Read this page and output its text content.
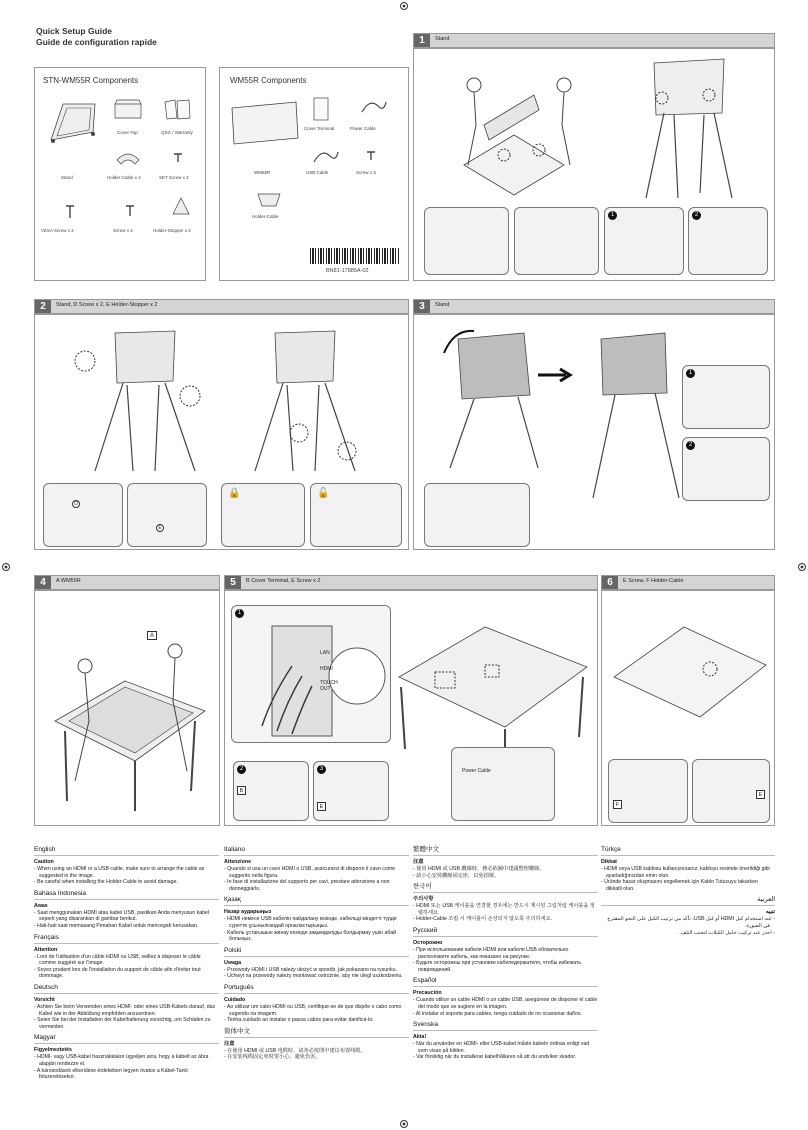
Quick Setup Guide
Guide de configuration rapide
STN-WM55R Components
Stand
Cover-Top	QSG / Warranty
Holder-Cable x 4	SET Screw x 2
VESA Screw x 2	Screw x 2	Holder-Stopper x 2
WM55R Components
Cover Terminal	Power Cable
WM55R	USB Cable	Screw x 3
Holder-Cable
BN81-17885A-02
1	Stand
1	2
2	Stand, D Screw x 2, E Holder-Stopper x 2
D
E
🔒	🔓
3	Stand
1
2
4	A WM55R
A
5	B Cover Terminal, E Screw x 2
1
LAN
HDMI
TOUCH OUT
Power Cable
2
B
3
E
6	E Screw, F Holder-Cable
F
E
English
Caution

- When using an HDMI or a USB cable, make sure to arrange the cable as suggested in the image.

- Be careful when installing the Holder-Cable to avoid damage.

Bahasa Indonesia
Awas

- Saat menggunakan HDMI atau kabel USB, pastikan Anda menyusun kabel seperti yang disarankan di gambar berikut.

- Hati-hati saat memasang Penahan Kabel untuk mencegah kerusakan.

Français
Attention

- Lors de l'utilisation d'un câble HDMI ou USB, veillez à disposer le câble comme suggéré sur l'image.

- Soyez prudent lors de l'installation du support de câble afin d'éviter tout dommage.

Deutsch
Vorsicht

- Achten Sie beim Verwenden eines HDMI- oder eines USB-Kabels darauf, das Kabel wie in der Abbildung empfohlen anzuordnen.

- Seien Sie bei der Installation der Kabelhalterung vorsichtig, um Schäden zu vermeiden.

Magyar
Figyelmeztetés

- HDMI- vagy USB-kábel használatakor ügyeljen arra, hogy a kábelt az ábra alapján rendezze el.

- A károsodások elkerülése érdekében legyen óvatos a Kábel-Tartó felszerelésekor.

Italiano
Attenzione

- Quando si usa un cavo HDMI o USB, assicurarsi di disporre il cavo come suggerito nella figura.

- In fase di installazione del supporto per cavi, prestare attenzione a non danneggiarlo.

Қазақ
Назар аударыңыз

- HDMI немесе USB кабелін пайдалану кезінде, кабельді міндетті түрде суретте ұсынылғандай орналастырыңыз.

- Кабель ұстағышын жинау кезінде зақымдалуды болдырмау үшін абай болыңыз.

Polski
Uwaga

- Przewody HDMI i USB należy ułożyć w sposób, jak pokazano na rysunku.

- Uchwyt na przewody należy montować ostrożnie, aby nie ulegl uszkodzeniu.

Português
Cuidado

- Ao utilizar um cabo HDMI ou USB, certifique-se de que dispõe o cabo como sugerido na imagem.

- Tenha cuidado ao instalar o passa cabos para evitar danificá-lo.

简体中文
注意

- 在使用 HDMI 或 USB 电缆时，请务必按图中建议布置线缆。

- 在安装线缆固定座时要小心，避免伤害。

繁體中文
注意

- 使用 HDMI 或 USB 纜線時，務必依圖中建議整理纜線。

- 請小心安裝纜線固定座，以免損壞。

한국어
주의사항

- HDMI 또는 USB 케이블을 연결할 경우에는 반드시 제시된 그림처럼 케이블을 정렬하세요.

- Holder-Cable 조립 시 케이블이 손상되지 않도록 주의하세요.

Русский
Осторожно

- При использовании кабеля HDMI или кабеля USB обязательно расположите кабель, как показано на рисунке.

- Будьте осторожны при установке кабеледержателя, чтобы избежать повреждений.

Español
Precaución

- Cuando utilice un cable HDMI o un cable USB, asegúrese de disponer el cable del modo que se sugiere en la imagen.

- Al instalar el soporte para cables, tenga cuidado de no ocasionar daños.

Svenska
Akta!

- När du använder en HDMI- eller USB-kabel måste kabeln ordnas enligt vad som visas på bilden.

- Var försiktig när du installerar kabelhållaren så att du undviker skador.

Türkçe
Dikkat

- HDMI veya USB kablosu kullanıyorsanız, kabloyu resimde önerildiği gibi ayarladığınızdan emin olun.

- Üründe hasar oluşmasını engellemek için Kablo Tutucuyu takarken dikkatli olun.

العربية
تنبيه

- عند استخدام كبل HDMI أو كبل USB، تأكد من ترتيب الكبل على النحو المقترح في الصورة.

- احذر عند تركيب حامل الكبلات لتجنب التلف.
